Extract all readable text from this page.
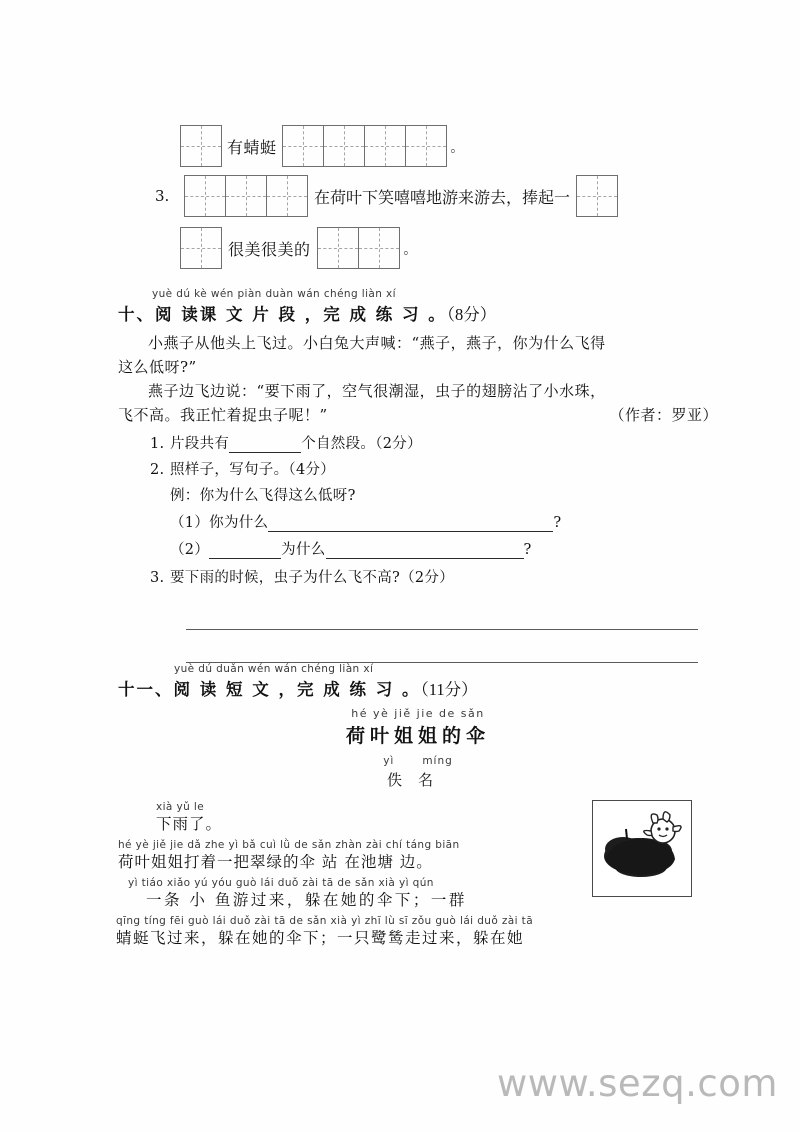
有蜻蜓	。
3.	在荷叶下笑嘻嘻地游来游去，捧起一
很美很美的	。
yuè dú kè wén piàn duàn wán chéng liàn xí
十、阅 读课 文 片 段 ，完 成 练 习 。（8分）
小燕子从他头上飞过。小白兔大声喊：“燕子，燕子，你为什么飞得
这么低呀?”
燕子边飞边说：“要下雨了，空气很潮湿，虫子的翅膀沾了小水珠，
飞不高。我正忙着捉虫子呢！”	（作者：罗亚）
1. 片段共有	个自然段。（2分）
2. 照样子，写句子。（4分）
例：你为什么飞得这么低呀?
（1）你为什么	?
（2）	为什么	?
3. 要下雨的时候，虫子为什么飞不高?（2分）
yuè dú duǎn wén wán chéng liàn xí
十一、阅 读 短 文 ，完 成 练 习 。（11分）
hé yè jiě jie de sǎn
荷叶姐姐的伞
yì	míng
佚名
xià yǔ le
下雨了。
hé yè jiě jie dǎ zhe yì bǎ cuì lǜ de sǎn zhàn zài chí táng biān
荷叶姐姐打着一把翠绿的伞 站 在池塘 边。
yì tiáo xiǎo yú yóu guò lái duǒ zài tā de sǎn xià yì qún
　一条 小 鱼游过来，躲在她的伞下；一群
qīng tíng fēi guò lái duǒ zài tā de sǎn xià yì zhī lù sī zǒu guò lái duǒ zài tā
蜻蜓飞过来，躲在她的伞下；一只鹭鸶走过来，躲在她
www.sezq.com
